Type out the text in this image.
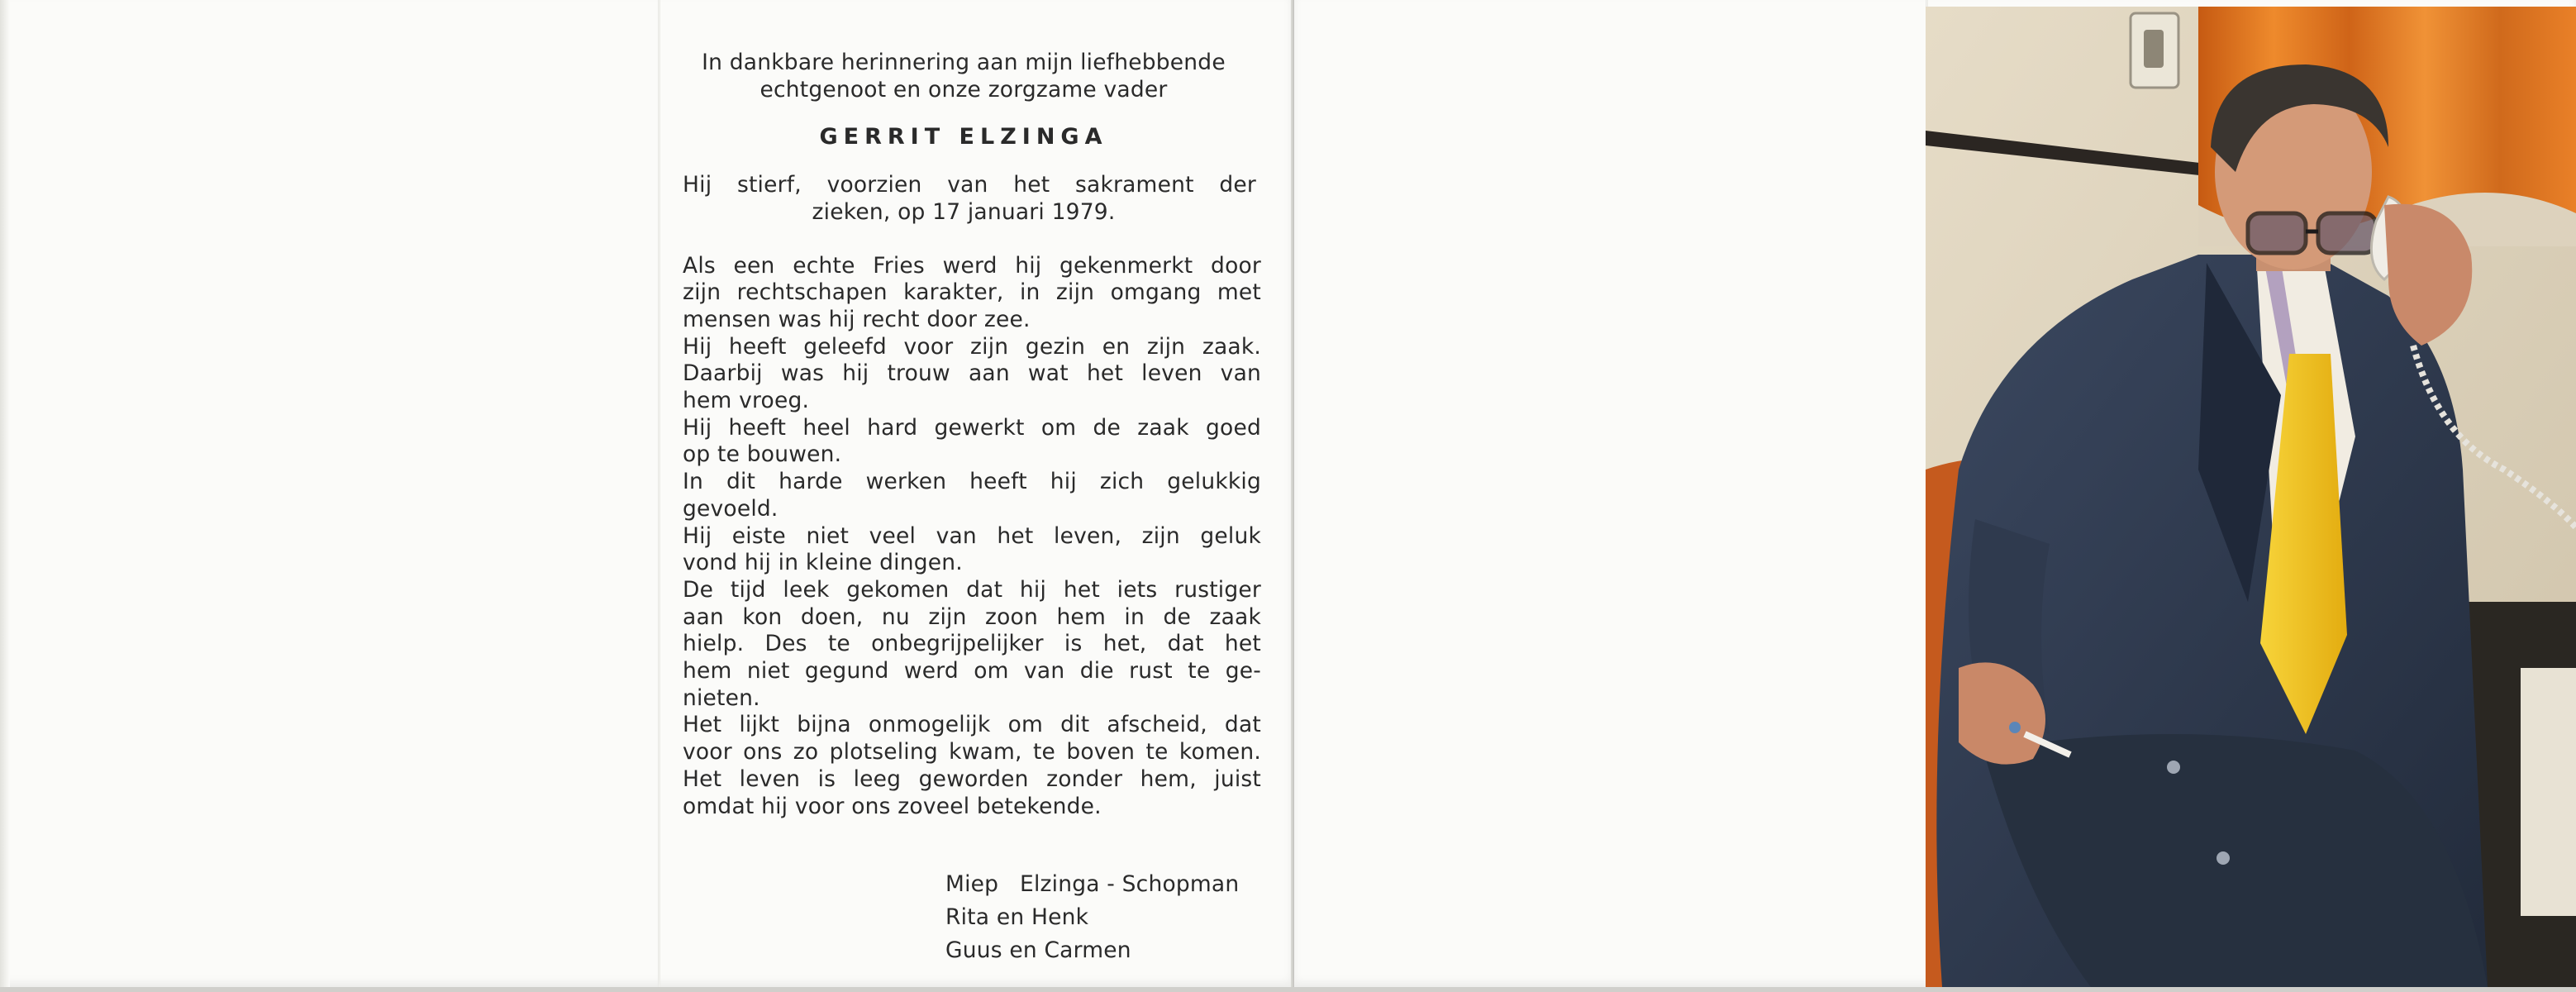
In dankbare herinnering aan mijn liefhebbende
echtgenoot en onze zorgzame vader
GERRIT ELZINGA
Hij stierf, voorzien van het sakrament der
zieken, op 17 januari 1979.
Als een echte Fries werd hij gekenmerkt door
zijn rechtschapen karakter, in zijn omgang met
mensen was hij recht door zee.
Hij heeft geleefd voor zijn gezin en zijn zaak.
Daarbij was hij trouw aan wat het leven van
hem vroeg.
Hij heeft heel hard gewerkt om de zaak goed
op te bouwen.
In dit harde werken heeft hij zich gelukkig
gevoeld.
Hij eiste niet veel van het leven, zijn geluk
vond hij in kleine dingen.
De tijd leek gekomen dat hij het iets rustiger
aan kon doen, nu zijn zoon hem in de zaak
hielp. Des te onbegrijpelijker is het, dat het
hem niet gegund werd om van die rust te ge-
nieten.
Het lijkt bijna onmogelijk om dit afscheid, dat
voor ons zo plotseling kwam, te boven te komen.
Het leven is leeg geworden zonder hem, juist
omdat hij voor ons zoveel betekende.
Miep   Elzinga - Schopman
Rita en Henk
Guus en Carmen
